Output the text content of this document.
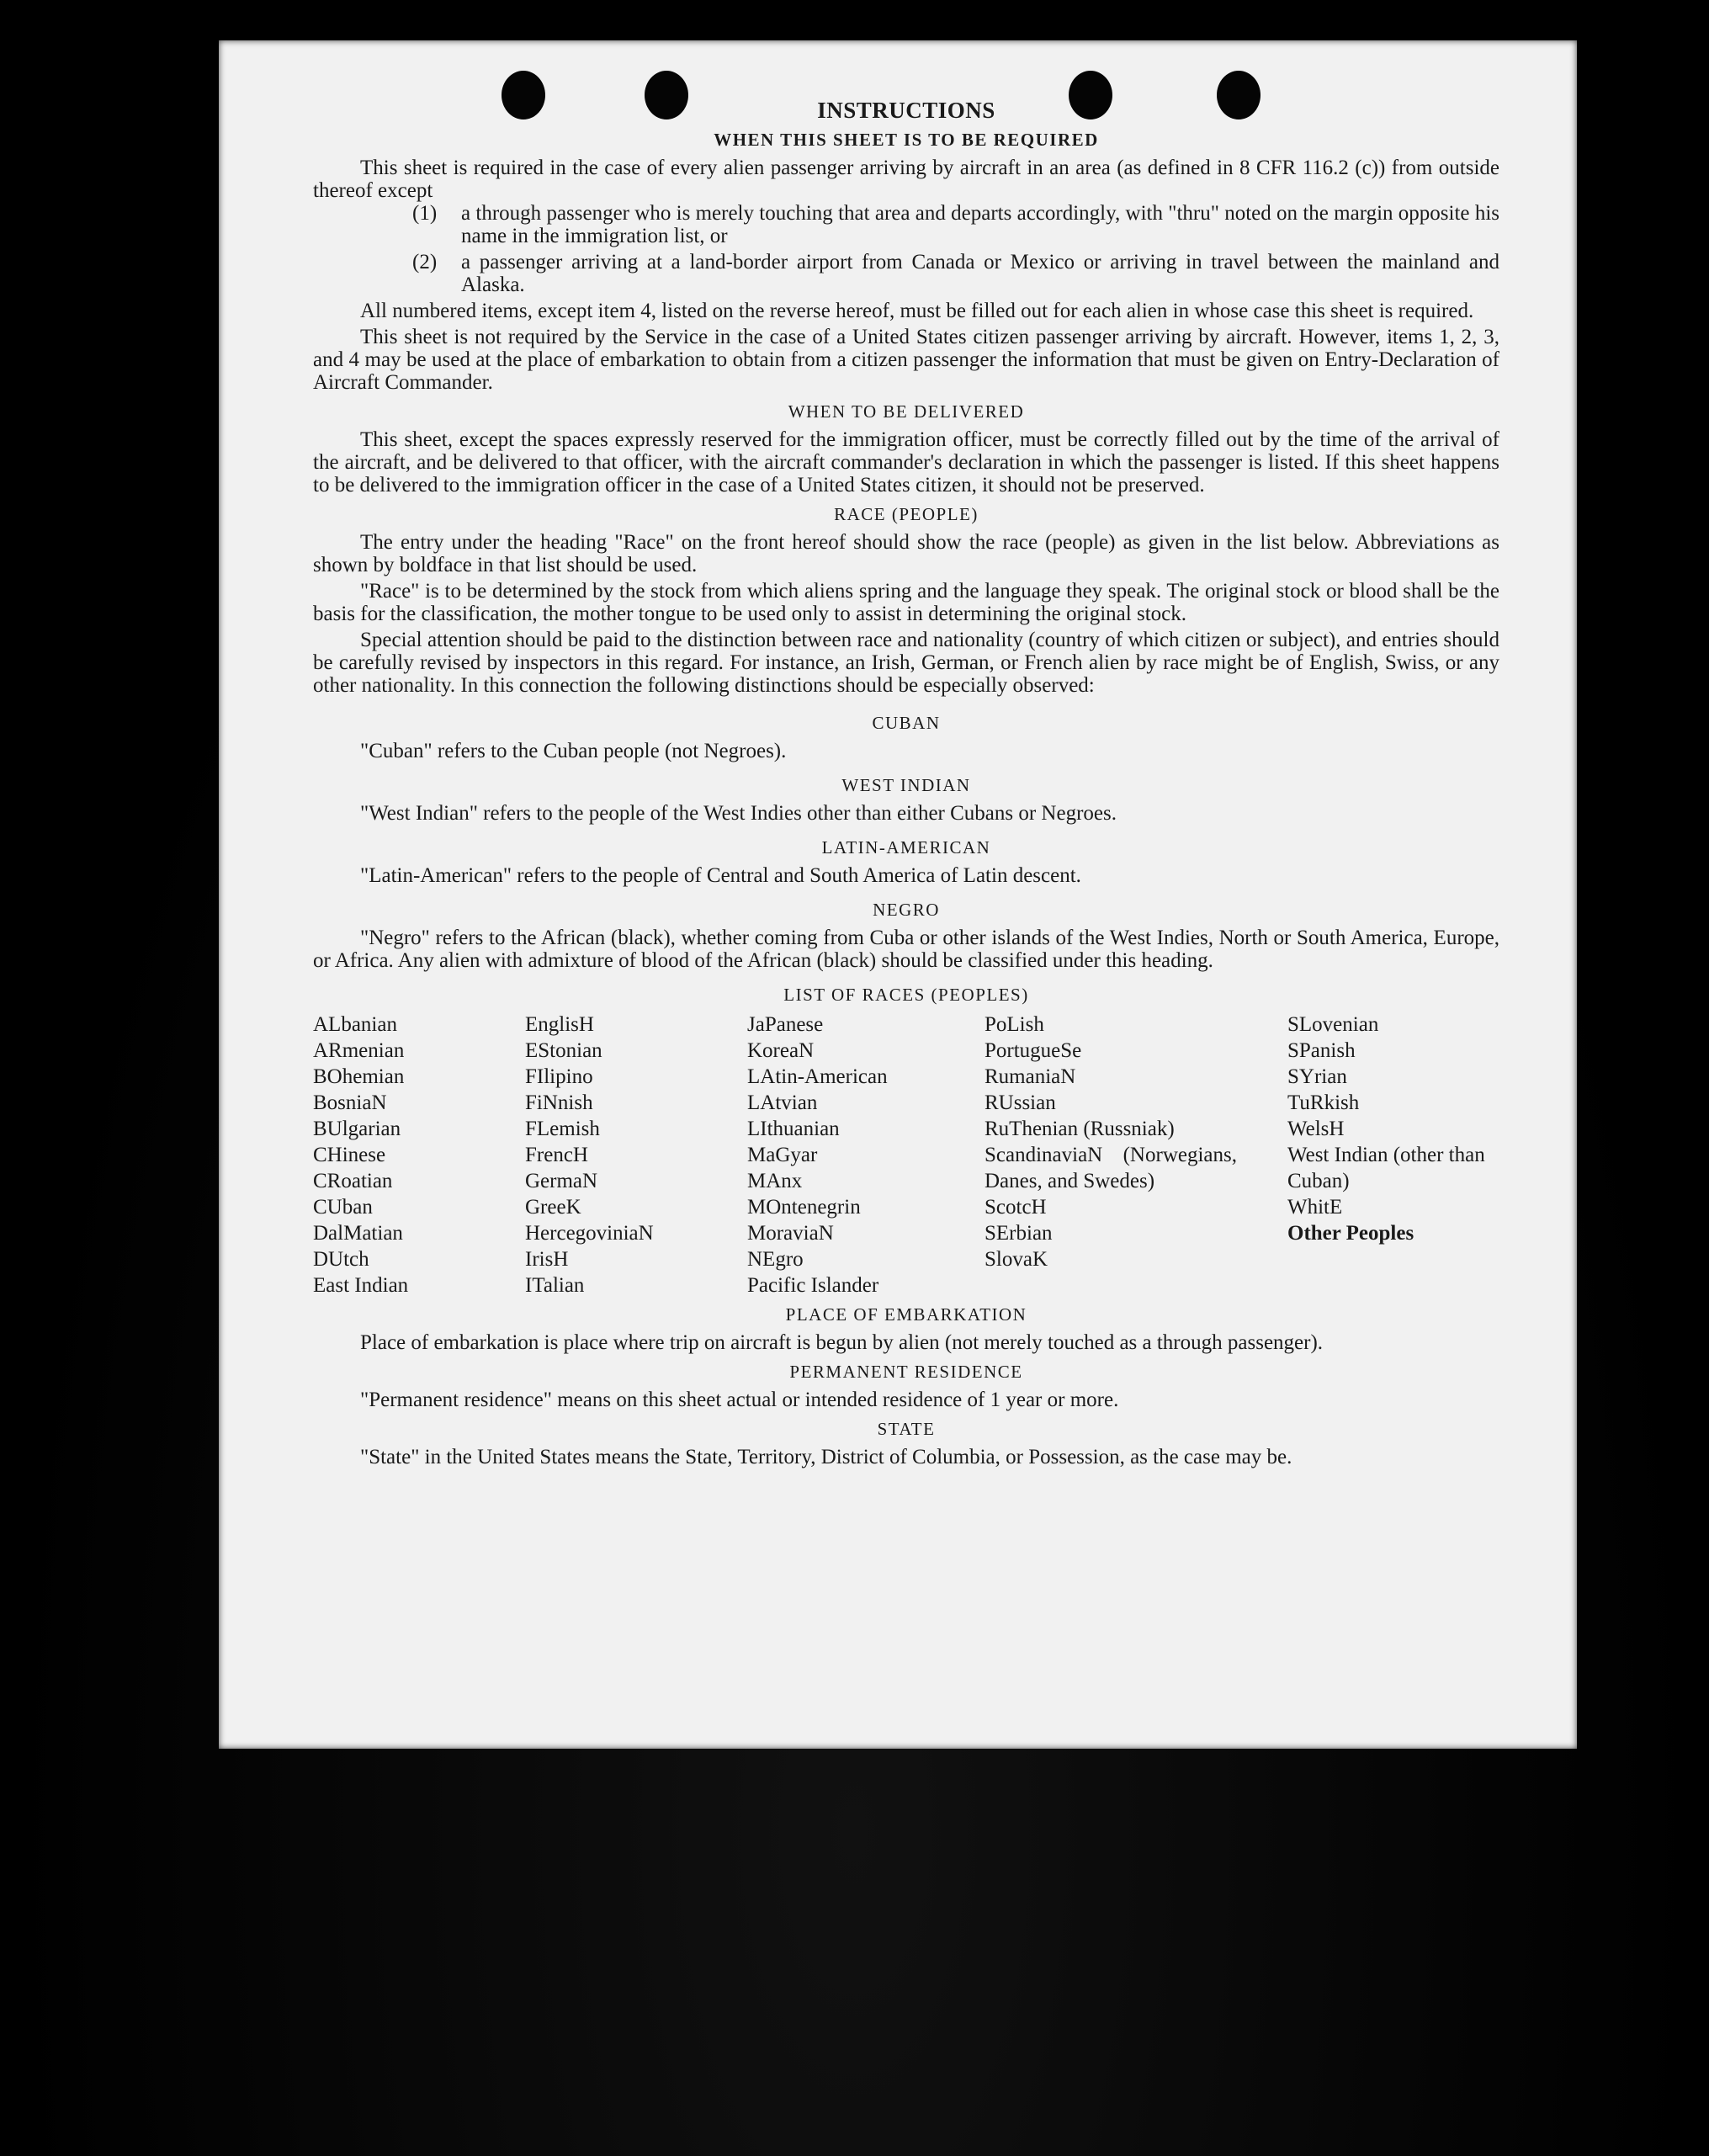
INSTRUCTIONS
WHEN THIS SHEET IS TO BE REQUIRED

This sheet is required in the case of every alien passenger arriving by aircraft in an area (as defined in 8 CFR 116.2 (c)) from outside thereof except

(1)	a through passenger who is merely touching that area and departs accordingly, with "thru" noted on the margin opposite his name in the immigration list, or
(2)	a passenger arriving at a land-border airport from Canada or Mexico or arriving in travel between the mainland and Alaska.

All numbered items, except item 4, listed on the reverse hereof, must be filled out for each alien in whose case this sheet is required.

This sheet is not required by the Service in the case of a United States citizen passenger arriving by aircraft. However, items 1, 2, 3, and 4 may be used at the place of embarkation to obtain from a citizen passenger the information that must be given on Entry-Declaration of Aircraft Commander.

WHEN TO BE DELIVERED

This sheet, except the spaces expressly reserved for the immigration officer, must be correctly filled out by the time of the arrival of the aircraft, and be delivered to that officer, with the aircraft commander's declaration in which the passenger is listed. If this sheet happens to be delivered to the immigration officer in the case of a United States citizen, it should not be preserved.

RACE (PEOPLE)

The entry under the heading "Race" on the front hereof should show the race (people) as given in the list below. Abbreviations as shown by boldface in that list should be used.

"Race" is to be determined by the stock from which aliens spring and the language they speak. The original stock or blood shall be the basis for the classification, the mother tongue to be used only to assist in determining the original stock.

Special attention should be paid to the distinction between race and nationality (country of which citizen or subject), and entries should be carefully revised by inspectors in this regard. For instance, an Irish, German, or French alien by race might be of English, Swiss, or any other nationality. In this connection the following distinctions should be especially observed:

CUBAN

"Cuban" refers to the Cuban people (not Negroes).

WEST INDIAN

"West Indian" refers to the people of the West Indies other than either Cubans or Negroes.

LATIN-AMERICAN

"Latin-American" refers to the people of Central and South America of Latin descent.

NEGRO

"Negro" refers to the African (black), whether coming from Cuba or other islands of the West Indies, North or South America, Europe, or Africa. Any alien with admixture of blood of the African (black) should be classified under this heading.

LIST OF RACES (PEOPLES)
ALbanian
ARmenian
BOhemian
BosniaN
BUlgarian
CHinese
CRoatian
CUban
DalMatian
DUtch
East Indian
EnglisH
EStonian
FIlipino
FiNnish
FLemish
FrencH
GermaN
GreeK
HercegoviniaN
IrisH
ITalian
JaPanese
KoreaN
LAtin-American
LAtvian
LIthuanian
MaGyar
MAnx
MOntenegrin
MoraviaN
NEgro
Pacific Islander
PoLish
PortugueSe
RumaniaN
RUssian
RuThenian (Russniak)
ScandinaviaN (Norwegians, Danes, and Swedes)
ScotcH
SErbian
SlovaK
SLovenian
SPanish
SYrian
TuRkish
WelsH
West Indian (other than Cuban)
WhitE
Other Peoples
PLACE OF EMBARKATION

Place of embarkation is place where trip on aircraft is begun by alien (not merely touched as a through passenger).

PERMANENT RESIDENCE

"Permanent residence" means on this sheet actual or intended residence of 1 year or more.

STATE

"State" in the United States means the State, Territory, District of Columbia, or Possession, as the case may be.
